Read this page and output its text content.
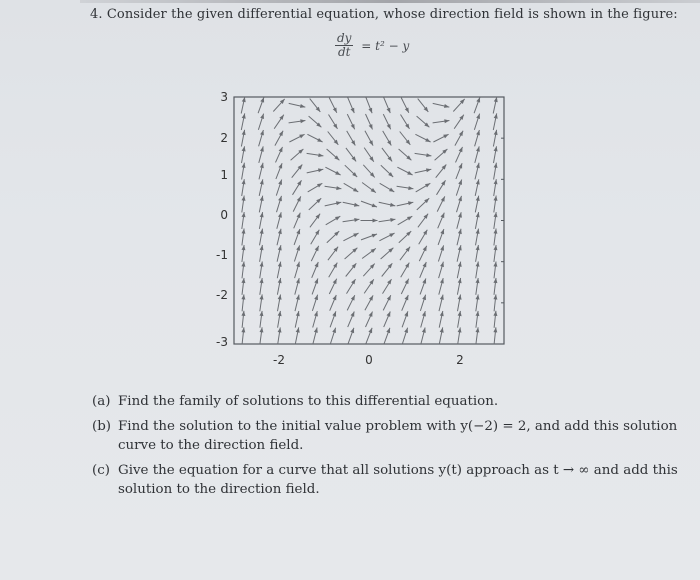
4. Consider the given differential equation, whose direction field is shown in the figure:
$\frac{dy}{dt} = t^2 - y$
3
2
1
0
-1
-2
-3
-2	0	2
(a) Find the family of solutions to this differential equation.
(b) Find the solution to the initial value problem with y(−2) = 2, and add this solution curve to the direction field.
(c) Give the equation for a curve that all solutions y(t) approach as t → ∞ and add this solution to the direction field.
